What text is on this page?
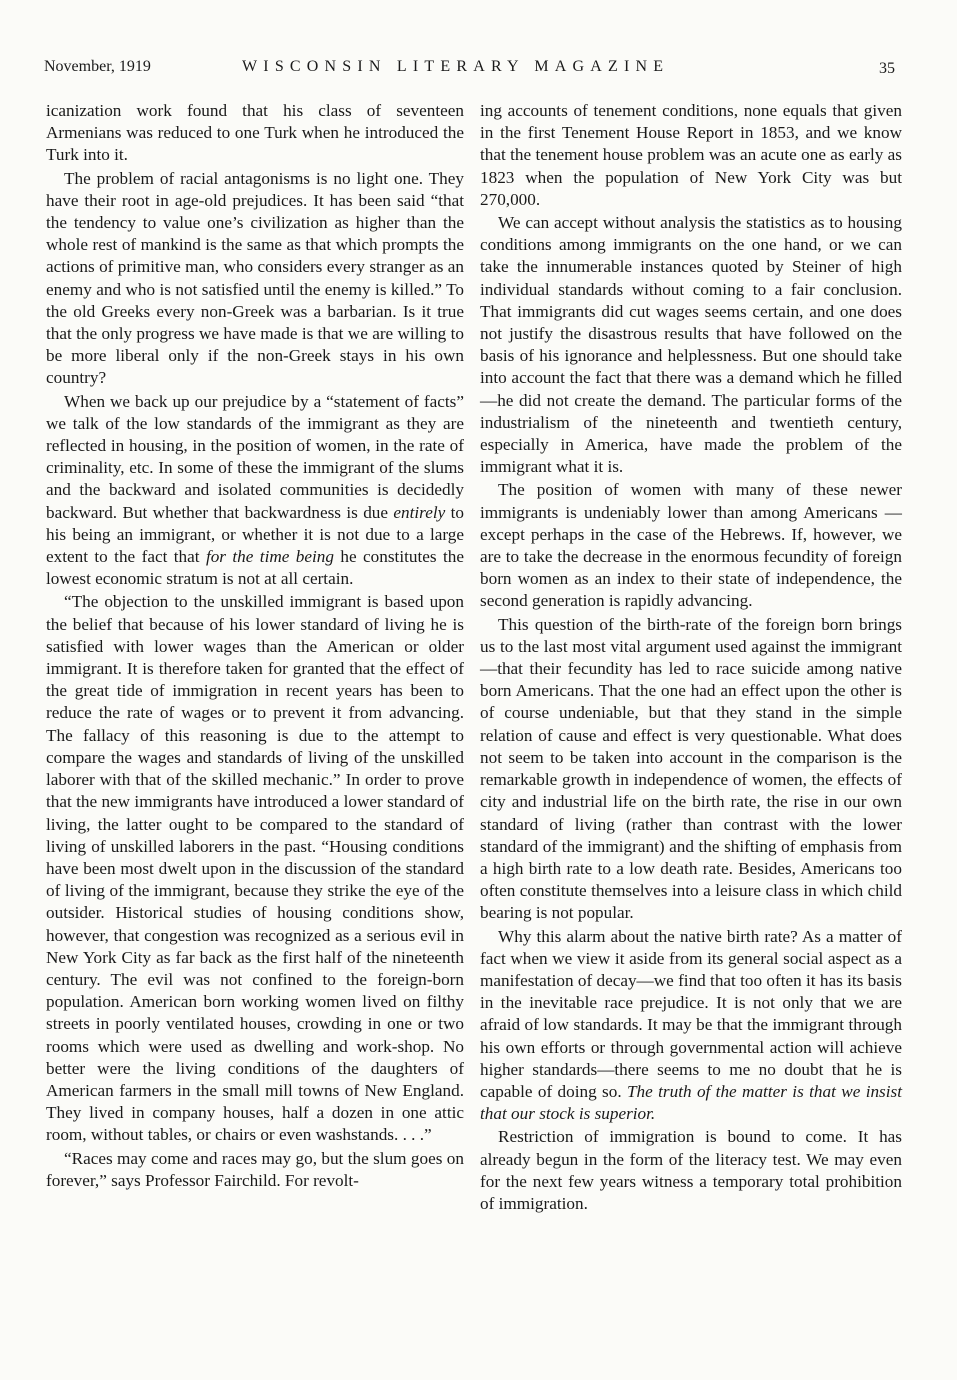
November, 1919	WISCONSIN LITERARY MAGAZINE	35

icanization work found that his class of seventeen Armenians was reduced to one Turk when he introduced the Turk into it.

The problem of racial antagonisms is no light one. They have their root in age-old prejudices. It has been said “that the tendency to value one’s civilization as higher than the whole rest of mankind is the same as that which prompts the actions of primitive man, who considers every stranger as an enemy and who is not satisfied until the enemy is killed.” To the old Greeks every non-Greek was a barbarian. Is it true that the only progress we have made is that we are willing to be more liberal only if the non-Greek stays in his own country?

When we back up our prejudice by a “statement of facts” we talk of the low standards of the immigrant as they are reflected in housing, in the position of women, in the rate of criminality, etc. In some of these the immigrant of the slums and the backward and isolated communities is decidedly backward. But whether that backwardness is due entirely to his being an immigrant, or whether it is not due to a large extent to the fact that for the time being he constitutes the lowest economic stratum is not at all certain.

“The objection to the unskilled immigrant is based upon the belief that because of his lower standard of living he is satisfied with lower wages than the American or older immigrant. It is therefore taken for granted that the effect of the great tide of immigration in recent years has been to reduce the rate of wages or to prevent it from advancing. The fallacy of this reasoning is due to the attempt to compare the wages and standards of living of the unskilled laborer with that of the skilled mechanic.” In order to prove that the new immigrants have introduced a lower standard of living, the latter ought to be compared to the standard of living of unskilled laborers in the past. “Housing conditions have been most dwelt upon in the discussion of the standard of living of the immigrant, because they strike the eye of the outsider. Historical studies of housing conditions show, however, that congestion was recognized as a serious evil in New York City as far back as the first half of the nineteenth century. The evil was not confined to the foreign-born population. American born working women lived on filthy streets in poorly ventilated houses, crowding in one or two rooms which were used as dwelling and work-shop. No better were the living conditions of the daughters of American farmers in the small mill towns of New England. They lived in company houses, half a dozen in one attic room, without tables, or chairs or even washstands. . . .”

“Races may come and races may go, but the slum goes on forever,” says Professor Fairchild. For revolt-

ing accounts of tenement conditions, none equals that given in the first Tenement House Report in 1853, and we know that the tenement house problem was an acute one as early as 1823 when the population of New York City was but 270,000.

We can accept without analysis the statistics as to housing conditions among immigrants on the one hand, or we can take the innumerable instances quoted by Steiner of high individual standards without coming to a fair conclusion. That immigrants did cut wages seems certain, and one does not justify the disastrous results that have followed on the basis of his ignorance and helplessness. But one should take into account the fact that there was a demand which he filled—he did not create the demand. The particular forms of the industrialism of the nineteenth and twentieth century, especially in America, have made the problem of the immigrant what it is.

The position of women with many of these newer immigrants is undeniably lower than among Americans —except perhaps in the case of the Hebrews. If, however, we are to take the decrease in the enormous fecundity of foreign born women as an index to their state of independence, the second generation is rapidly advancing.

This question of the birth-rate of the foreign born brings us to the last most vital argument used against the immigrant—that their fecundity has led to race suicide among native born Americans. That the one had an effect upon the other is of course undeniable, but that they stand in the simple relation of cause and effect is very questionable. What does not seem to be taken into account in the comparison is the remarkable growth in independence of women, the effects of city and industrial life on the birth rate, the rise in our own standard of living (rather than contrast with the lower standard of the immigrant) and the shifting of emphasis from a high birth rate to a low death rate. Besides, Americans too often constitute themselves into a leisure class in which child bearing is not popular.

Why this alarm about the native birth rate? As a matter of fact when we view it aside from its general social aspect as a manifestation of decay—we find that too often it has its basis in the inevitable race prejudice. It is not only that we are afraid of low standards. It may be that the immigrant through his own efforts or through governmental action will achieve higher standards—there seems to me no doubt that he is capable of doing so. The truth of the matter is that we insist that our stock is superior.

Restriction of immigration is bound to come. It has already begun in the form of the literacy test. We may even for the next few years witness a temporary total prohibition of immigration.
